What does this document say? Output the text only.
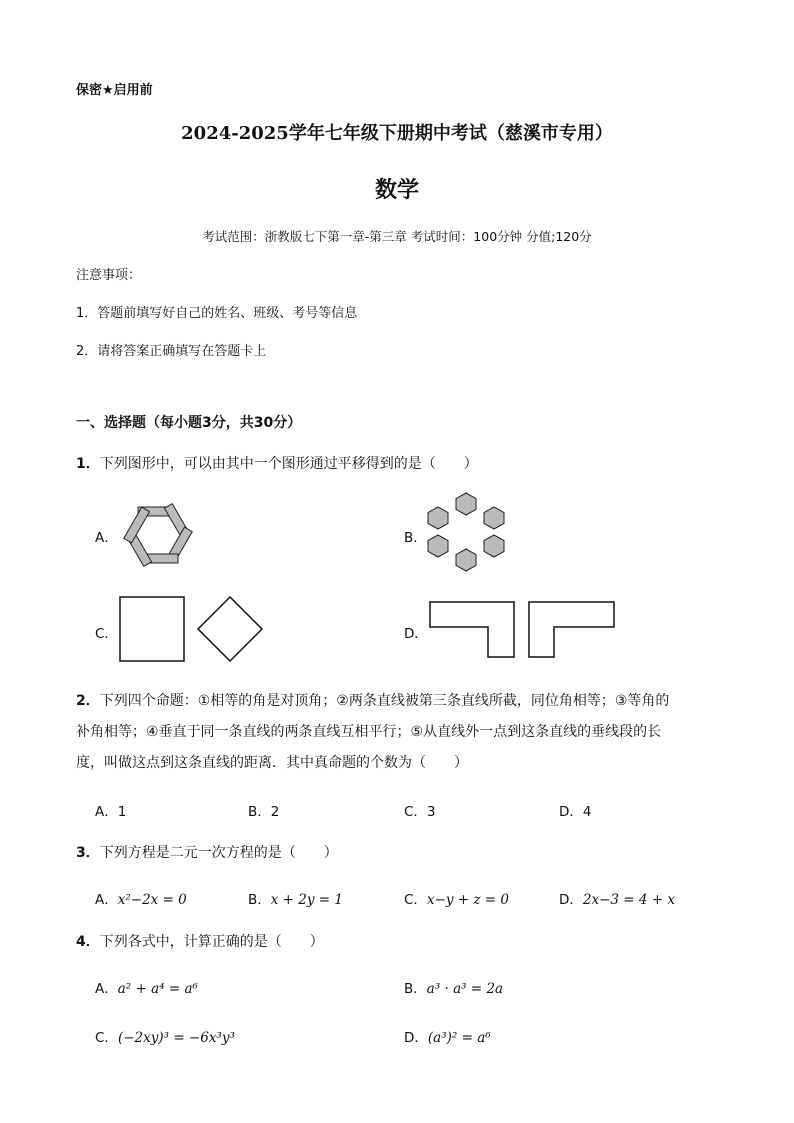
保密★启用前
2024-2025学年七年级下册期中考试（慈溪市专用）
数学
考试范围：浙教版七下第一章-第三章 考试时间：100分钟 分值;120分
注意事项：
1．答题前填写好自己的姓名、班级、考号等信息
2．请将答案正确填写在答题卡上
一、选择题（每小题3分，共30分）
1．下列图形中，可以由其中一个图形通过平移得到的是（　　）
A．	B．
C．	D．
2．下列四个命题：①相等的角是对顶角；②两条直线被第三条直线所截，同位角相等；③等角的
补角相等；④垂直于同一条直线的两条直线互相平行；⑤从直线外一点到这条直线的垂线段的长
度，叫做这点到这条直线的距离．其中真命题的个数为（　　）
A．1	B．2	C．3	D．4
3．下列方程是二元一次方程的是（　　）
A．x²−2x = 0	B．x + 2y = 1	C．x−y + z = 0	D．2x−3 = 4 + x
4．下列各式中，计算正确的是（　　）
A．a² + a⁴ = a⁶	B．a³ · a³ = 2a
C．(−2xy)³ = −6x³y³	D．(a³)² = a⁶
